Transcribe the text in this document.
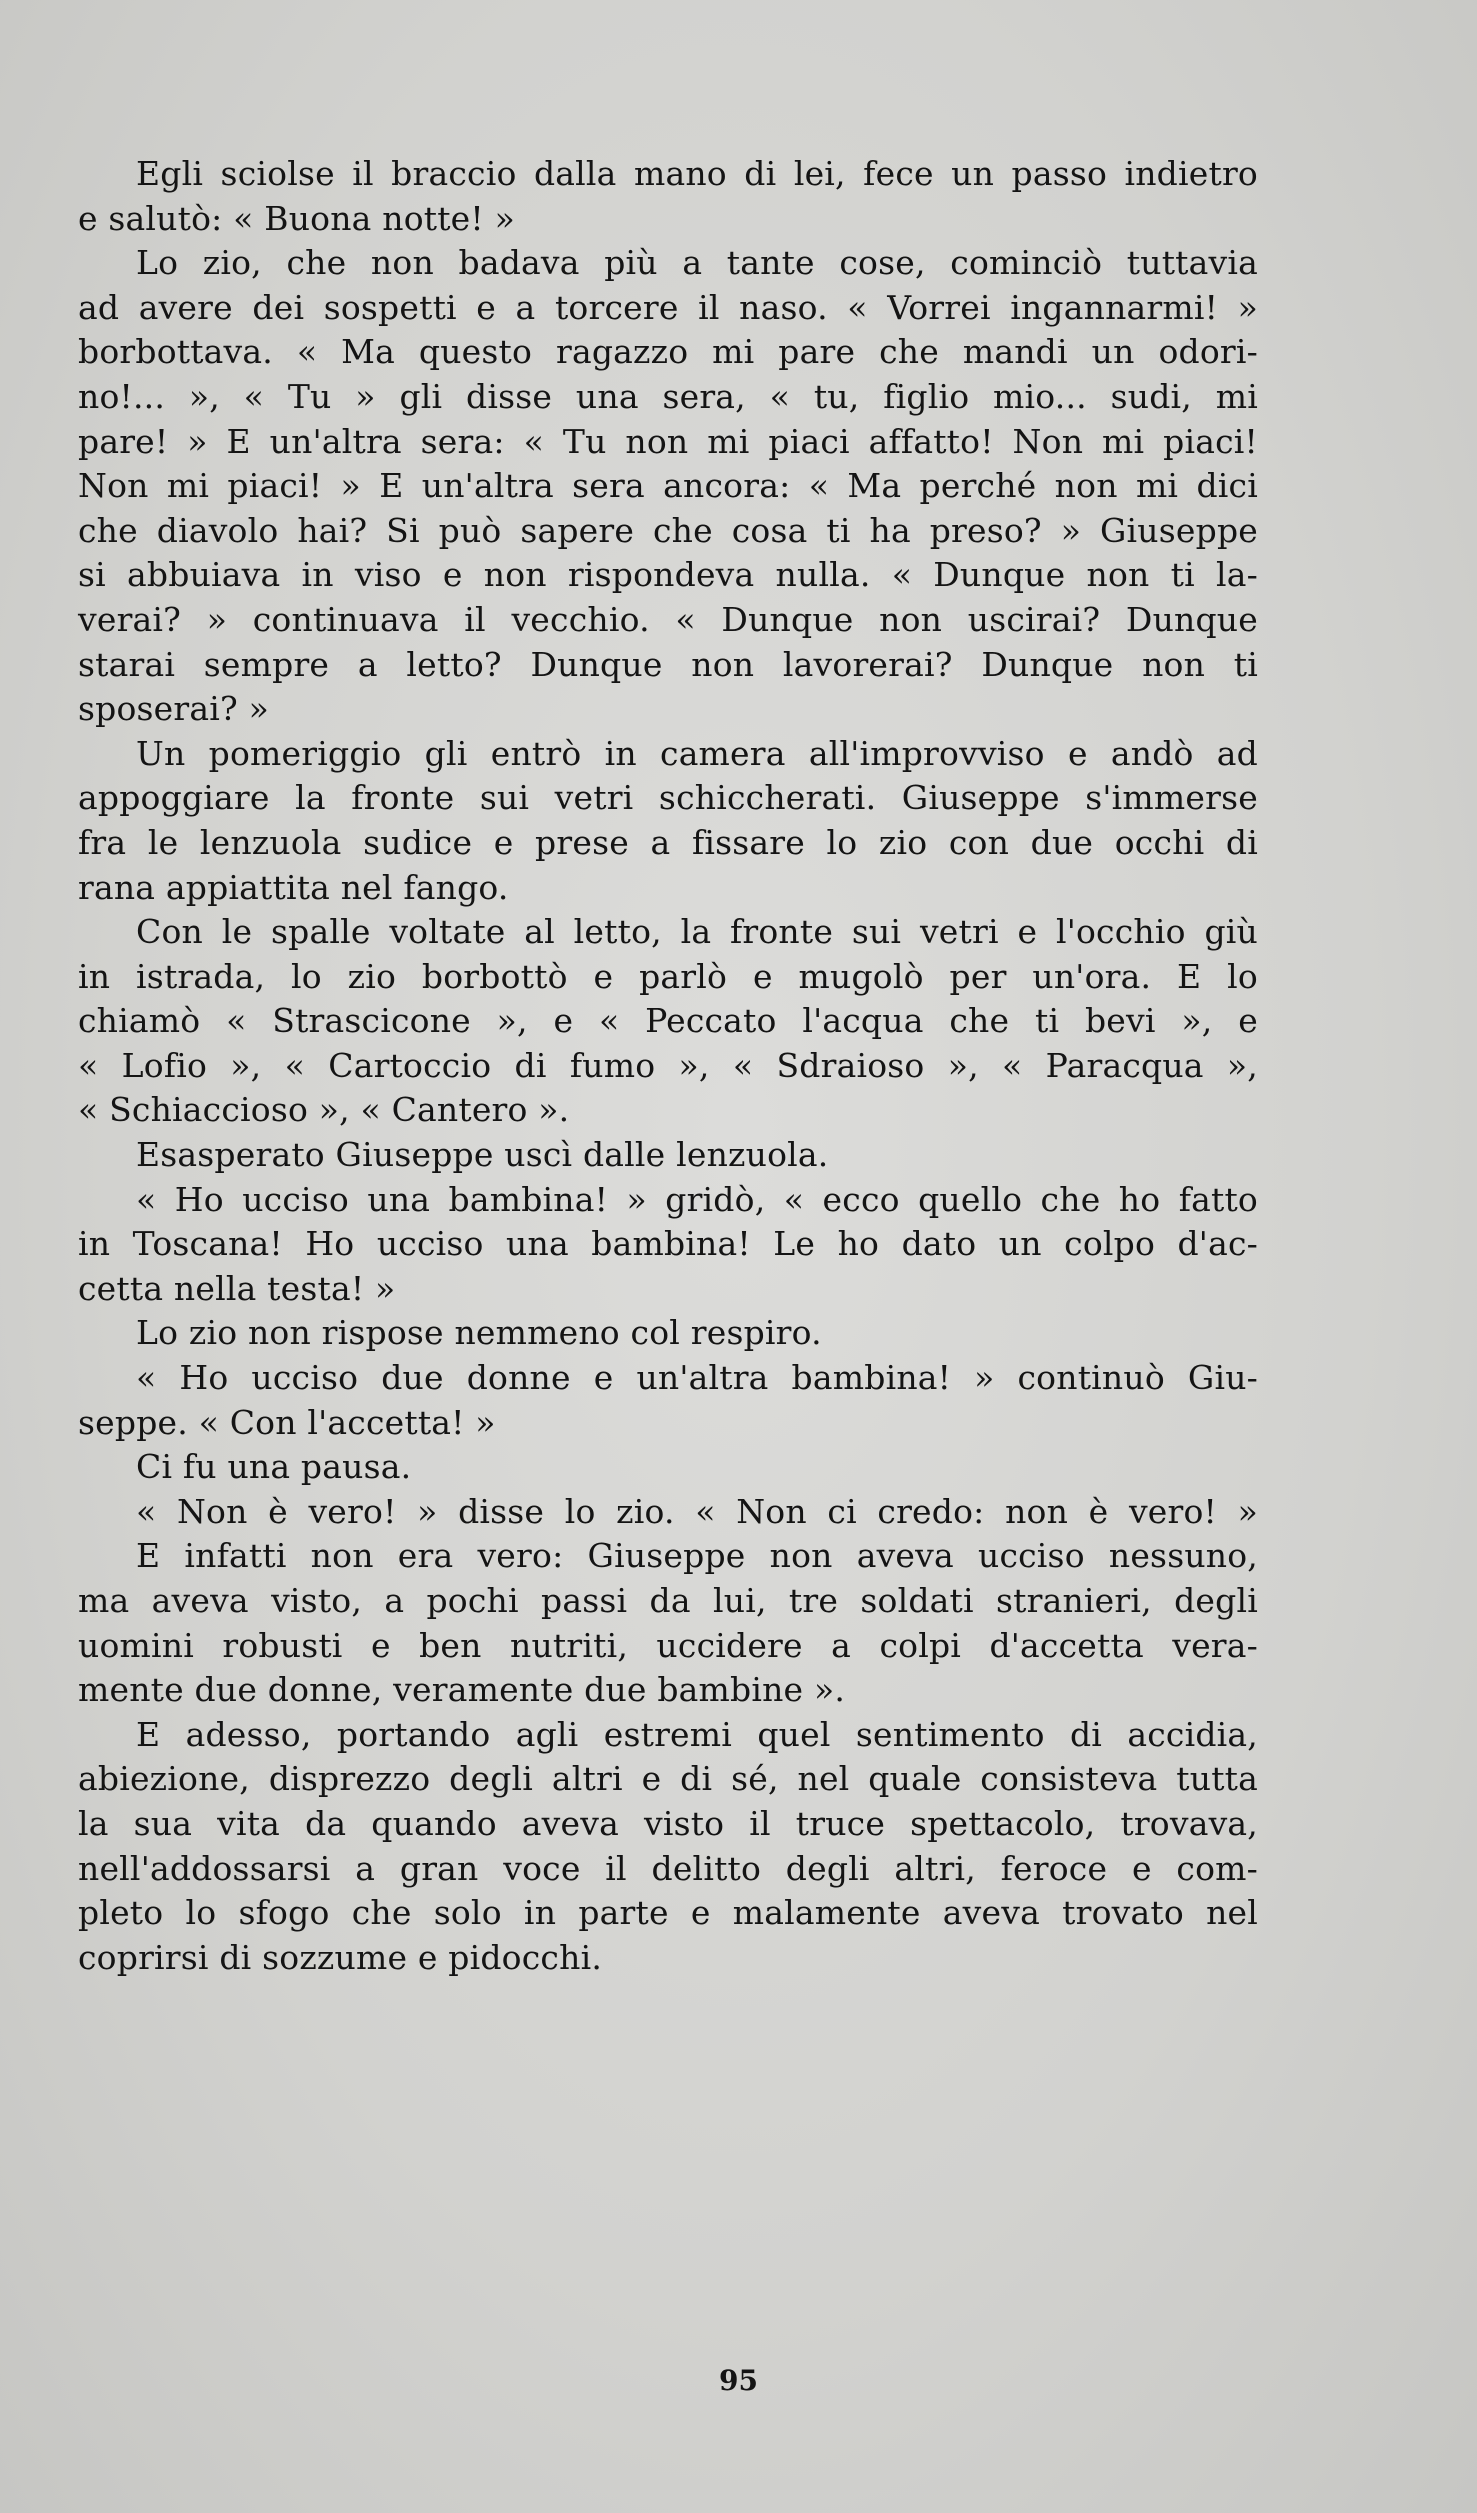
Egli sciolse il braccio dalla mano di lei, fece un passo indietro
e salutò: « Buona notte! »
Lo zio, che non badava più a tante cose, cominciò tuttavia
ad avere dei sospetti e a torcere il naso. « Vorrei ingannarmi! »
borbottava. « Ma questo ragazzo mi pare che mandi un odori-
no!... », « Tu » gli disse una sera, « tu, figlio mio... sudi, mi
pare! » E un'altra sera: « Tu non mi piaci affatto! Non mi piaci!
Non mi piaci! » E un'altra sera ancora: « Ma perché non mi dici
che diavolo hai? Si può sapere che cosa ti ha preso? » Giuseppe
si abbuiava in viso e non rispondeva nulla. « Dunque non ti la-
verai? » continuava il vecchio. « Dunque non uscirai? Dunque
starai sempre a letto? Dunque non lavorerai? Dunque non ti
sposerai? »
Un pomeriggio gli entrò in camera all'improvviso e andò ad
appoggiare la fronte sui vetri schiccherati. Giuseppe s'immerse
fra le lenzuola sudice e prese a fissare lo zio con due occhi di
rana appiattita nel fango.
Con le spalle voltate al letto, la fronte sui vetri e l'occhio giù
in istrada, lo zio borbottò e parlò e mugolò per un'ora. E lo
chiamò « Strascicone », e « Peccato l'acqua che ti bevi », e
« Lofio », « Cartoccio di fumo », « Sdraioso », « Paracqua »,
« Schiaccioso », « Cantero ».
Esasperato Giuseppe uscì dalle lenzuola.
« Ho ucciso una bambina! » gridò, « ecco quello che ho fatto
in Toscana! Ho ucciso una bambina! Le ho dato un colpo d'ac-
cetta nella testa! »
Lo zio non rispose nemmeno col respiro.
« Ho ucciso due donne e un'altra bambina! » continuò Giu-
seppe. « Con l'accetta! »
Ci fu una pausa.
« Non è vero! » disse lo zio. « Non ci credo: non è vero! »
E infatti non era vero: Giuseppe non aveva ucciso nessuno,
ma aveva visto, a pochi passi da lui, tre soldati stranieri, degli
uomini robusti e ben nutriti, uccidere a colpi d'accetta vera-
mente due donne, veramente due bambine ».
E adesso, portando agli estremi quel sentimento di accidia,
abiezione, disprezzo degli altri e di sé, nel quale consisteva tutta
la sua vita da quando aveva visto il truce spettacolo, trovava,
nell'addossarsi a gran voce il delitto degli altri, feroce e com-
pleto lo sfogo che solo in parte e malamente aveva trovato nel
coprirsi di sozzume e pidocchi.
95
